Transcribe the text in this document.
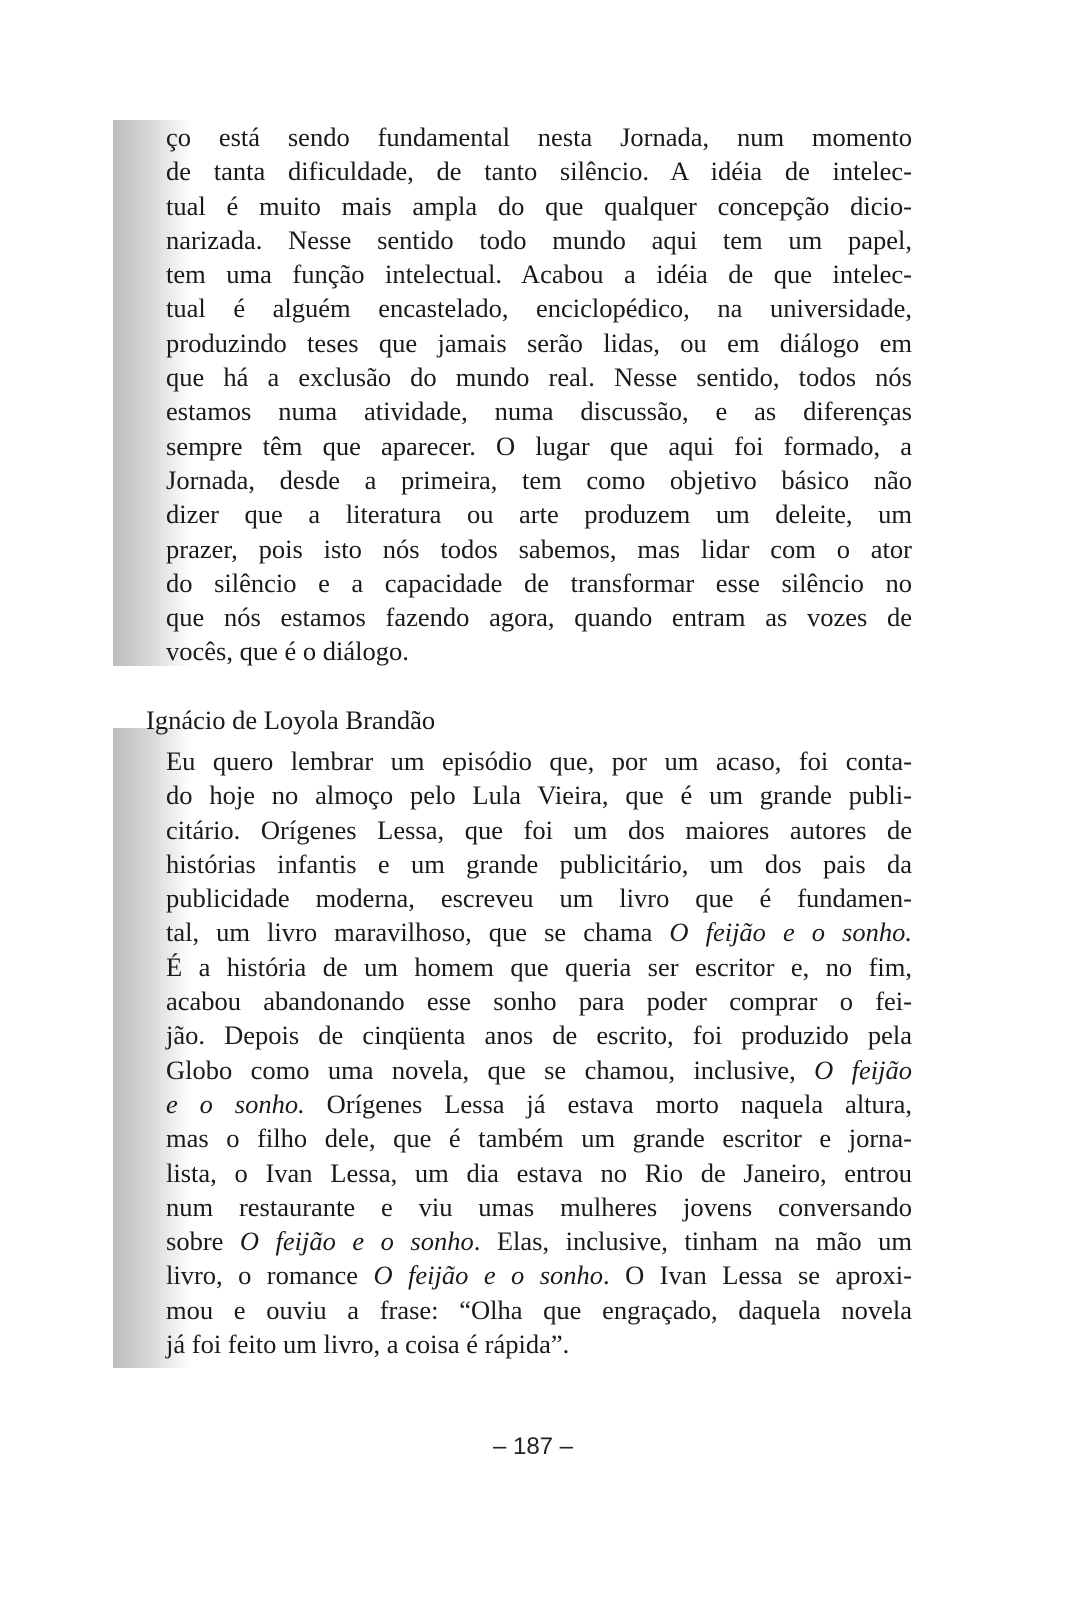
ço está sendo fundamental nesta Jornada, num momento
de tanta dificuldade, de tanto silêncio. A idéia de intelec-
tual é muito mais ampla do que qualquer concepção dicio-
narizada. Nesse sentido todo mundo aqui tem um papel,
tem uma função intelectual. Acabou a idéia de que intelec-
tual é alguém encastelado, enciclopédico, na universidade,
produzindo teses que jamais serão lidas, ou em diálogo em
que há a exclusão do mundo real. Nesse sentido, todos nós
estamos numa atividade, numa discussão, e as diferenças
sempre têm que aparecer. O lugar que aqui foi formado, a
Jornada, desde a primeira, tem como objetivo básico não
dizer que a literatura ou arte produzem um deleite, um
prazer, pois isto nós todos sabemos, mas lidar com o ator
do silêncio e a capacidade de transformar esse silêncio no
que nós estamos fazendo agora, quando entram as vozes de
vocês, que é o diálogo.
Ignácio de Loyola Brandão
Eu quero lembrar um episódio que, por um acaso, foi conta-
do hoje no almoço pelo Lula Vieira, que é um grande publi-
citário. Orígenes Lessa, que foi um dos maiores autores de
histórias infantis e um grande publicitário, um dos pais da
publicidade moderna, escreveu um livro que é fundamen-
tal, um livro maravilhoso, que se chama O feijão e o sonho.
É a história de um homem que queria ser escritor e, no fim,
acabou abandonando esse sonho para poder comprar o fei-
jão. Depois de cinqüenta anos de escrito, foi produzido pela
Globo como uma novela, que se chamou, inclusive, O feijão
e o sonho. Orígenes Lessa já estava morto naquela altura,
mas o filho dele, que é também um grande escritor e jorna-
lista, o Ivan Lessa, um dia estava no Rio de Janeiro, entrou
num restaurante e viu umas mulheres jovens conversando
sobre O feijão e o sonho. Elas, inclusive, tinham na mão um
livro, o romance O feijão e o sonho. O Ivan Lessa se aproxi-
mou e ouviu a frase: “Olha que engraçado, daquela novela
já foi feito um livro, a coisa é rápida”.
– 187 –
